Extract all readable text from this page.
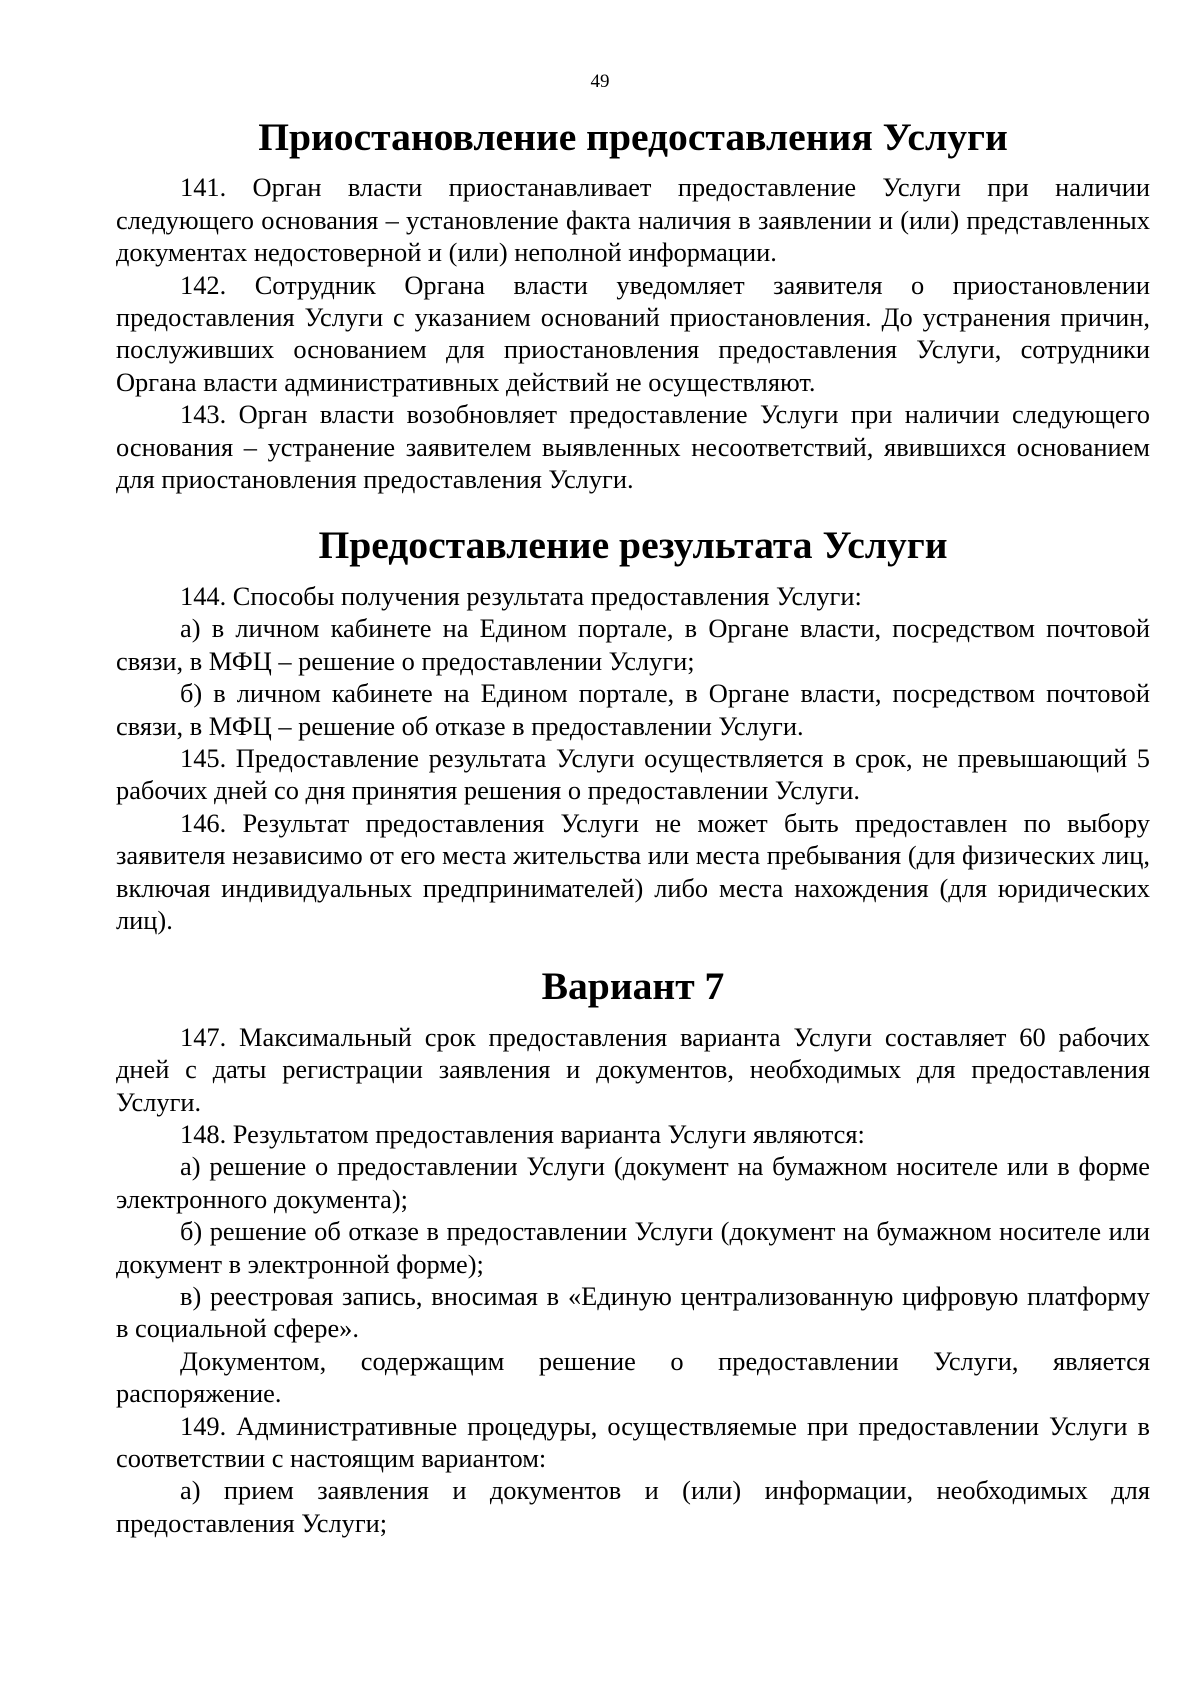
49
Приостановление предоставления Услуги

141. Орган власти приостанавливает предоставление Услуги при наличии следующего основания – установление факта наличия в заявлении и (или) представленных документах недостоверной и (или) неполной информации.

142. Сотрудник Органа власти уведомляет заявителя о приостановлении предоставления Услуги с указанием оснований приостановления. До устранения причин, послуживших основанием для приостановления предоставления Услуги, сотрудники Органа власти административных действий не осуществляют.

143. Орган власти возобновляет предоставление Услуги при наличии следующего основания – устранение заявителем выявленных несоответствий, явившихся основанием для приостановления предоставления Услуги.

Предоставление результата Услуги

144. Способы получения результата предоставления Услуги:

а) в личном кабинете на Едином портале, в Органе власти, посредством почтовой связи, в МФЦ – решение о предоставлении Услуги;

б) в личном кабинете на Едином портале, в Органе власти, посредством почтовой связи, в МФЦ – решение об отказе в предоставлении Услуги.

145. Предоставление результата Услуги осуществляется в срок, не превышающий 5 рабочих дней со дня принятия решения о предоставлении Услуги.

146. Результат предоставления Услуги не может быть предоставлен по выбору заявителя независимо от его места жительства или места пребывания (для физических лиц, включая индивидуальных предпринимателей) либо места нахождения (для юридических лиц).

Вариант 7

147. Максимальный срок предоставления варианта Услуги составляет 60 рабочих дней с даты регистрации заявления и документов, необходимых для предоставления Услуги.

148. Результатом предоставления варианта Услуги являются:

а) решение о предоставлении Услуги (документ на бумажном носителе или в форме электронного документа);

б) решение об отказе в предоставлении Услуги (документ на бумажном носителе или документ в электронной форме);

в) реестровая запись, вносимая в «Единую централизованную цифровую платформу в социальной сфере».

Документом, содержащим решение о предоставлении Услуги, является распоряжение.

149. Административные процедуры, осуществляемые при предоставлении Услуги в соответствии с настоящим вариантом:

а) прием заявления и документов и (или) информации, необходимых для предоставления Услуги;
